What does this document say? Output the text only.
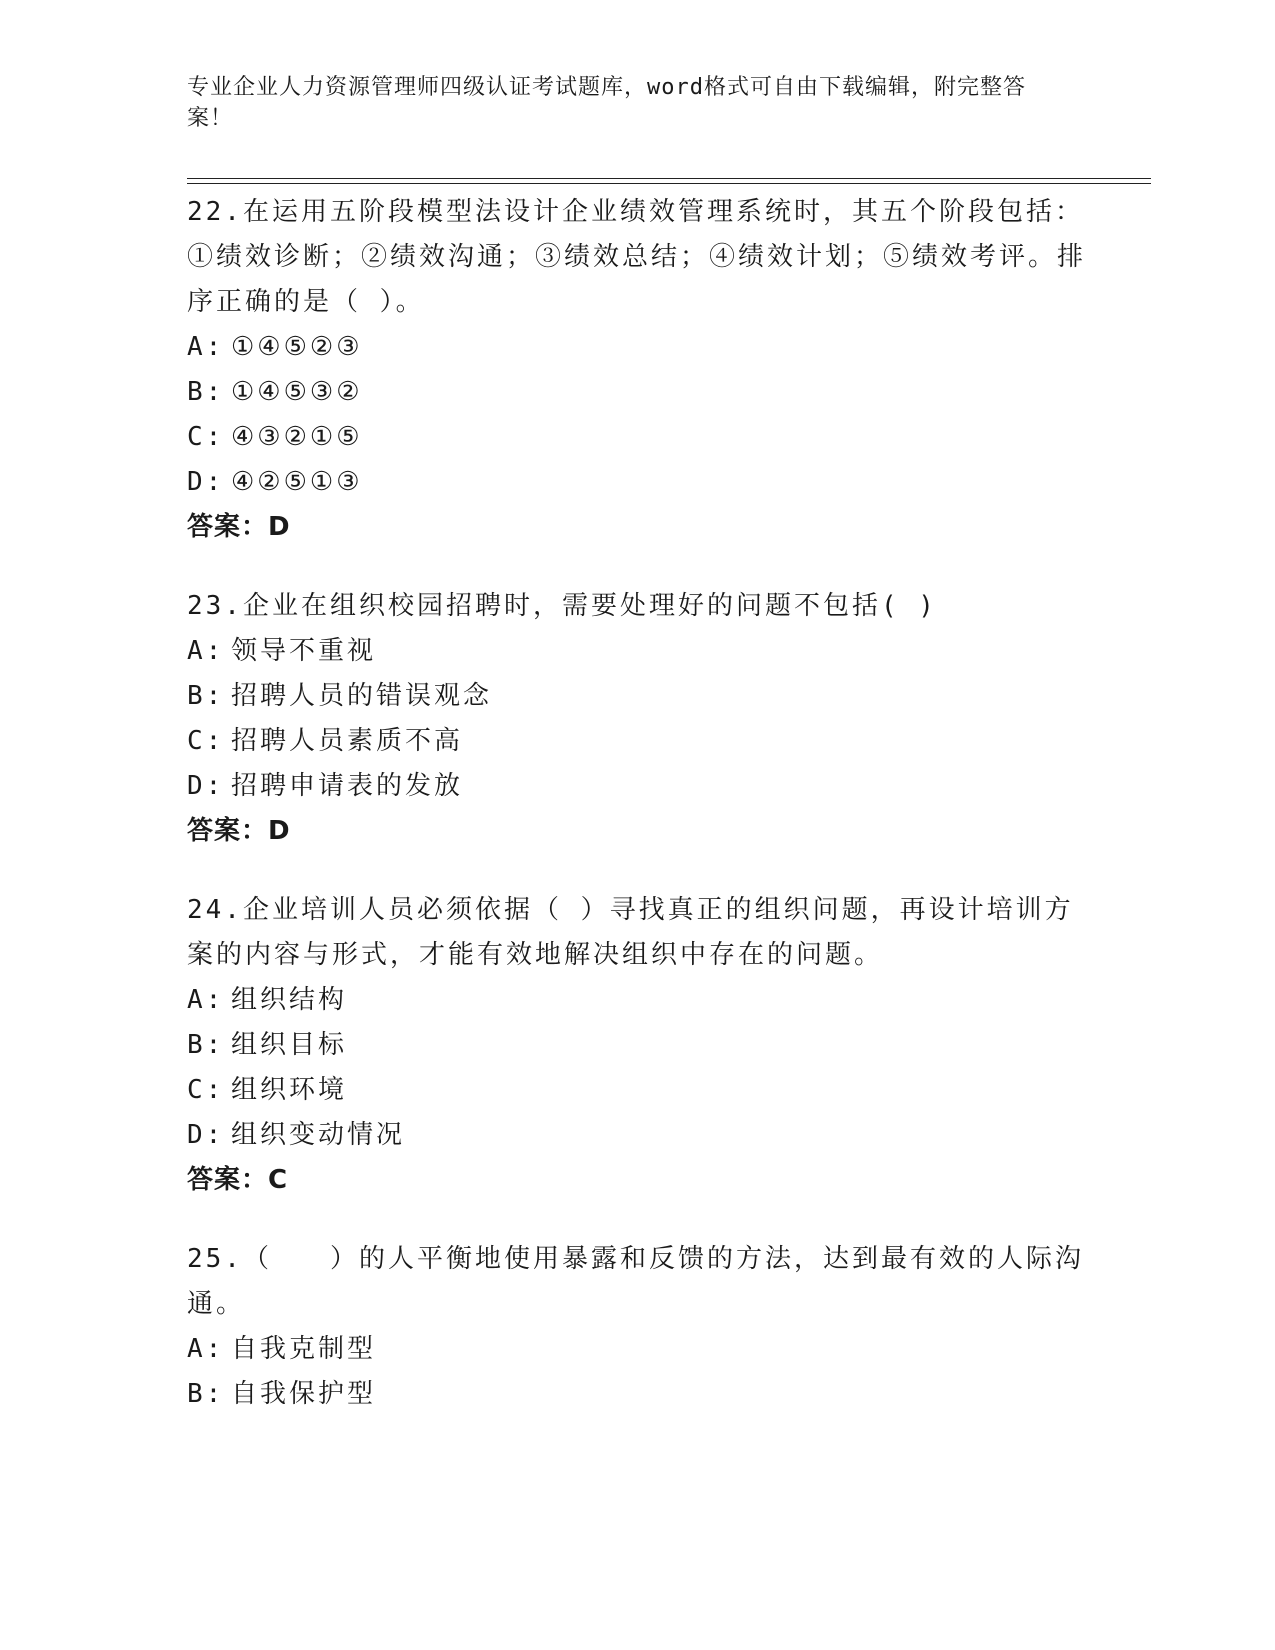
专业企业人力资源管理师四级认证考试题库，word格式可自由下载编辑，附完整答案！
22.在运用五阶段模型法设计企业绩效管理系统时，其五个阶段包括：①绩效诊断；②绩效沟通；③绩效总结；④绩效计划；⑤绩效考评。排序正确的是（ ）。
A: ①④⑤②③
B: ①④⑤③②
C: ④③②①⑤
D: ④②⑤①③
答案：D
23.企业在组织校园招聘时，需要处理好的问题不包括( )
A: 领导不重视
B: 招聘人员的错误观念
C: 招聘人员素质不高
D: 招聘申请表的发放
答案：D
24.企业培训人员必须依据（ ）寻找真正的组织问题，再设计培训方案的内容与形式，才能有效地解决组织中存在的问题。
A: 组织结构
B: 组织目标
C: 组织环境
D: 组织变动情况
答案：C
25.（　　）的人平衡地使用暴露和反馈的方法，达到最有效的人际沟通。
A: 自我克制型
B: 自我保护型
